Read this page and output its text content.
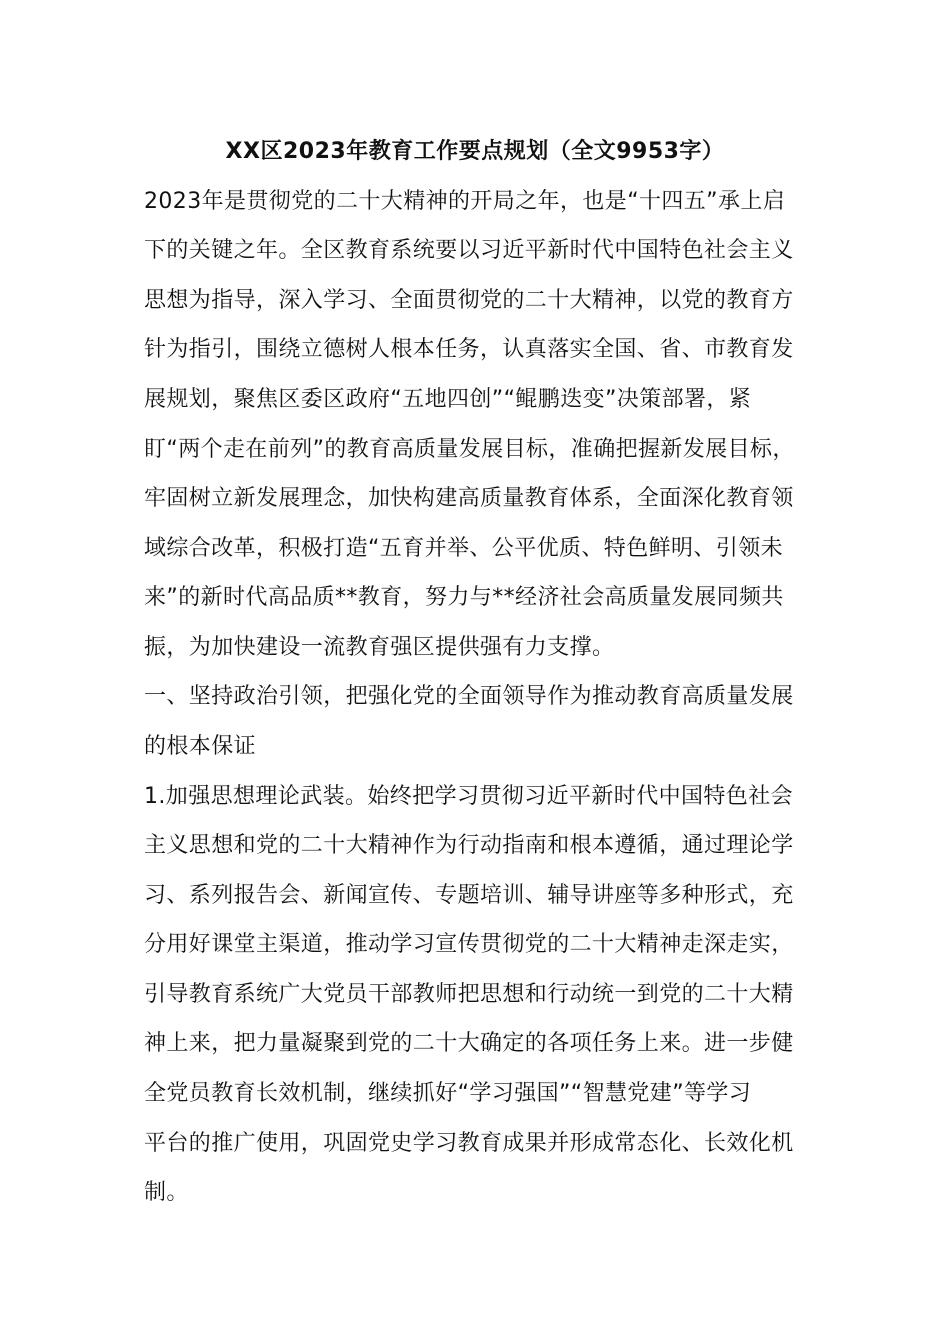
XX区2023年教育工作要点规划（全文9953字）
2023年是贯彻党的二十大精神的开局之年，也是“十四五”承上启
下的关键之年。全区教育系统要以习近平新时代中国特色社会主义
思想为指导，深入学习、全面贯彻党的二十大精神，以党的教育方
针为指引，围绕立德树人根本任务，认真落实全国、省、市教育发
展规划，聚焦区委区政府“五地四创”“鲲鹏迭变”决策部署，紧
盯“两个走在前列”的教育高质量发展目标，准确把握新发展目标，
牢固树立新发展理念，加快构建高质量教育体系，全面深化教育领
域综合改革，积极打造“五育并举、公平优质、特色鲜明、引领未
来”的新时代高品质**教育，努力与**经济社会高质量发展同频共
振，为加快建设一流教育强区提供强有力支撑。
一、坚持政治引领，把强化党的全面领导作为推动教育高质量发展
的根本保证
1.加强思想理论武装。始终把学习贯彻习近平新时代中国特色社会
主义思想和党的二十大精神作为行动指南和根本遵循，通过理论学
习、系列报告会、新闻宣传、专题培训、辅导讲座等多种形式，充
分用好课堂主渠道，推动学习宣传贯彻党的二十大精神走深走实，
引导教育系统广大党员干部教师把思想和行动统一到党的二十大精
神上来，把力量凝聚到党的二十大确定的各项任务上来。进一步健
全党员教育长效机制，继续抓好“学习强国”“智慧党建”等学习
平台的推广使用，巩固党史学习教育成果并形成常态化、长效化机
制。
